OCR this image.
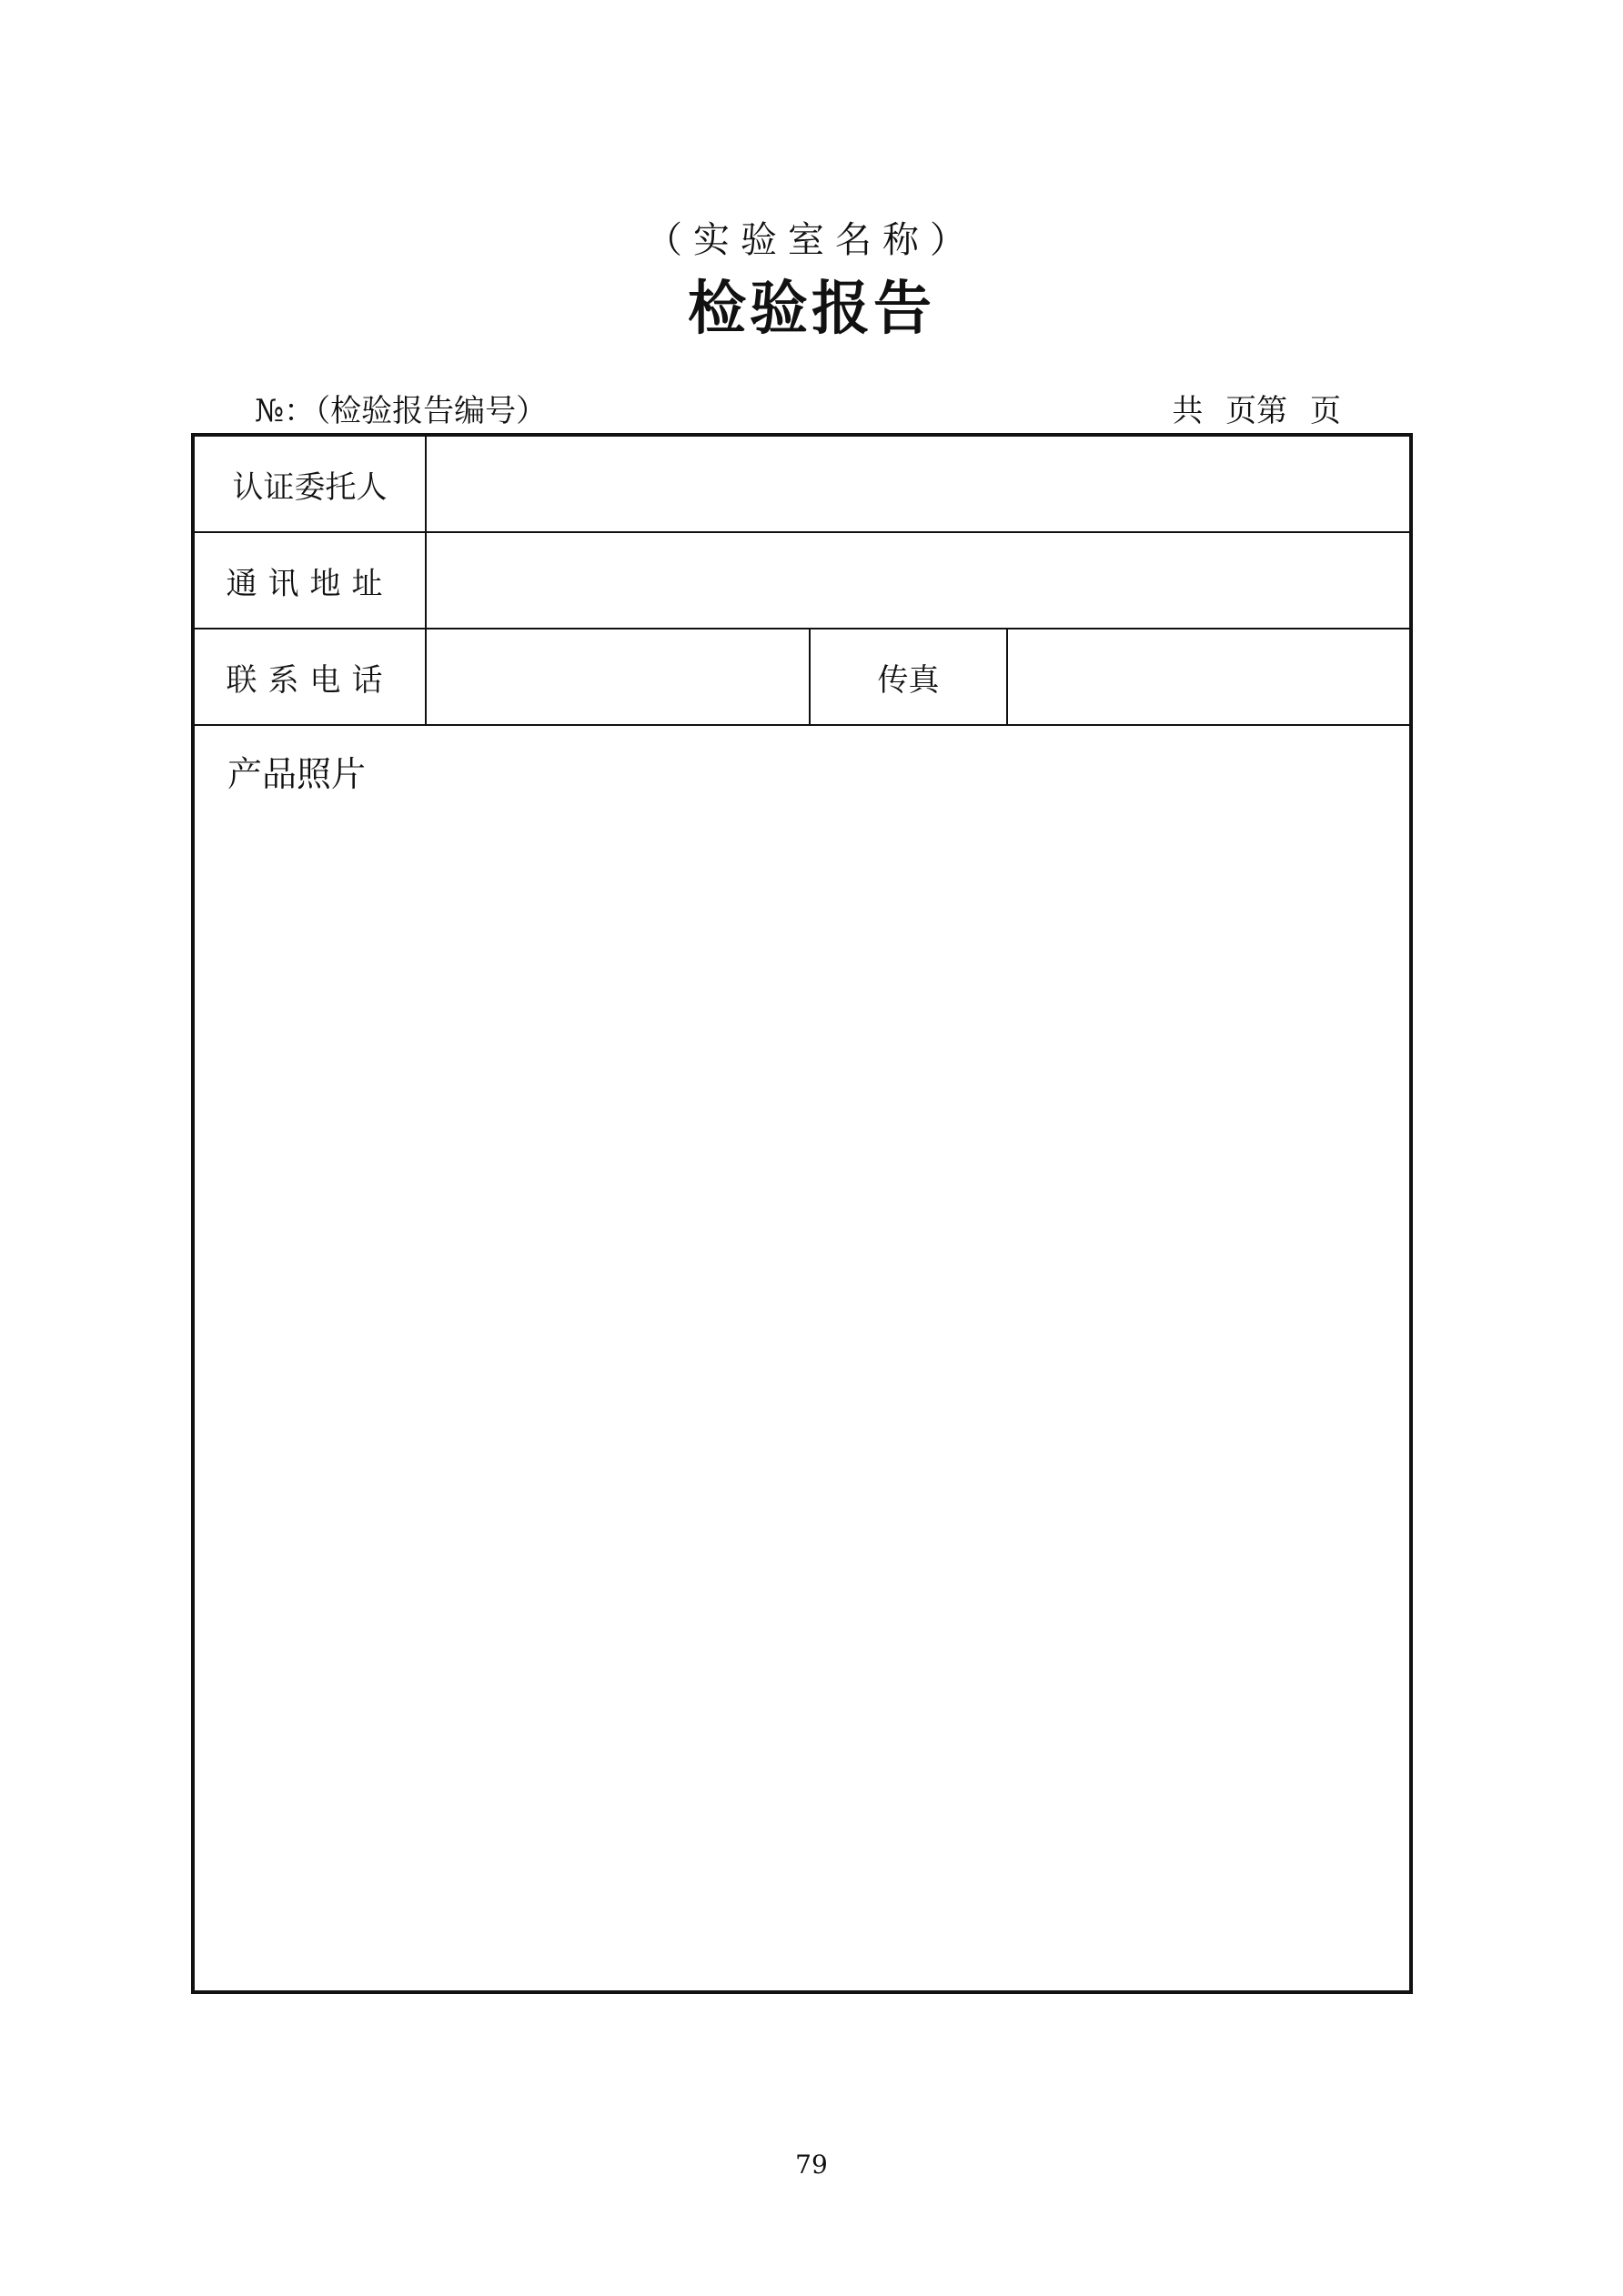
（实验室名称）
检验报告
№：（检验报告编号）	共 页第 页
认证委托人			
通讯地址			
联系电话		传真	

产品照片			
79
